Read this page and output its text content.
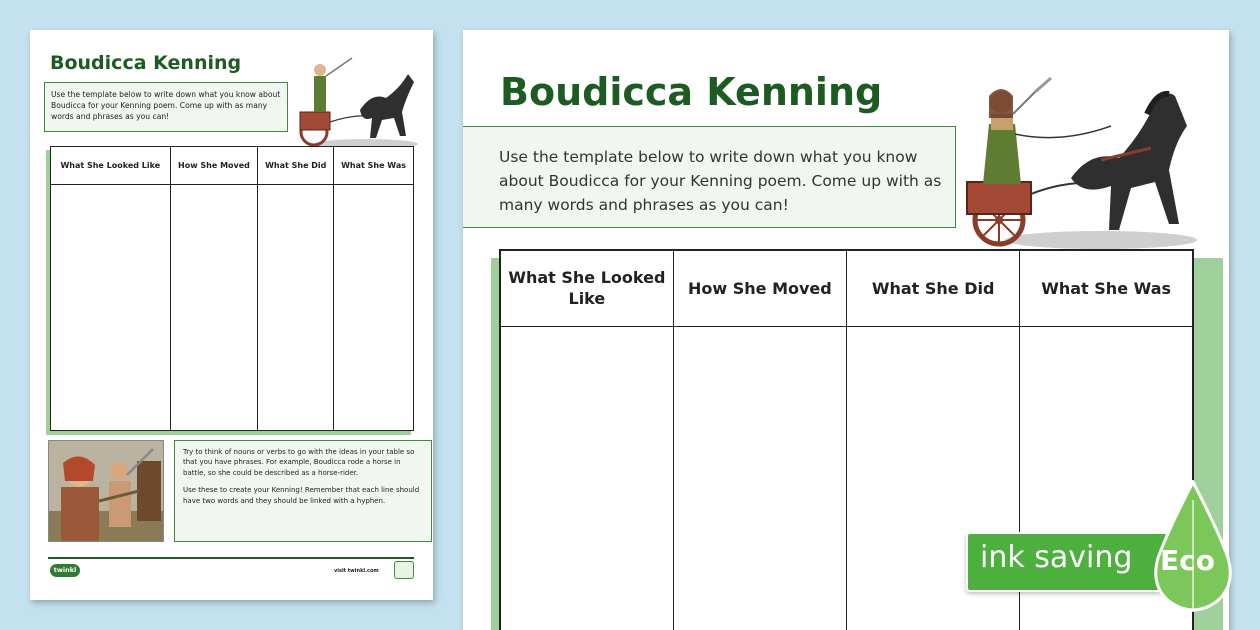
Boudicca Kenning
Use the template below to write down what you know about Boudicca for your Kenning poem. Come up with as many words and phrases as you can!
What She Looked Like	How She Moved	What She Did	What She Was

Try to think of nouns or verbs to go with the ideas in your table so that you have phrases. For example, Boudicca rode a horse in battle, so she could be described as a horse-rider.

Use these to create your Kenning! Remember that each line should have two words and they should be linked with a hyphen.

twinkl	visit twinkl.com
Boudicca Kenning
Use the template below to write down what you know about Boudicca for your Kenning poem. Come up with as many words and phrases as you can!
What She Looked Like	How She Moved	What She Did	What She Was

ink saving Eco
